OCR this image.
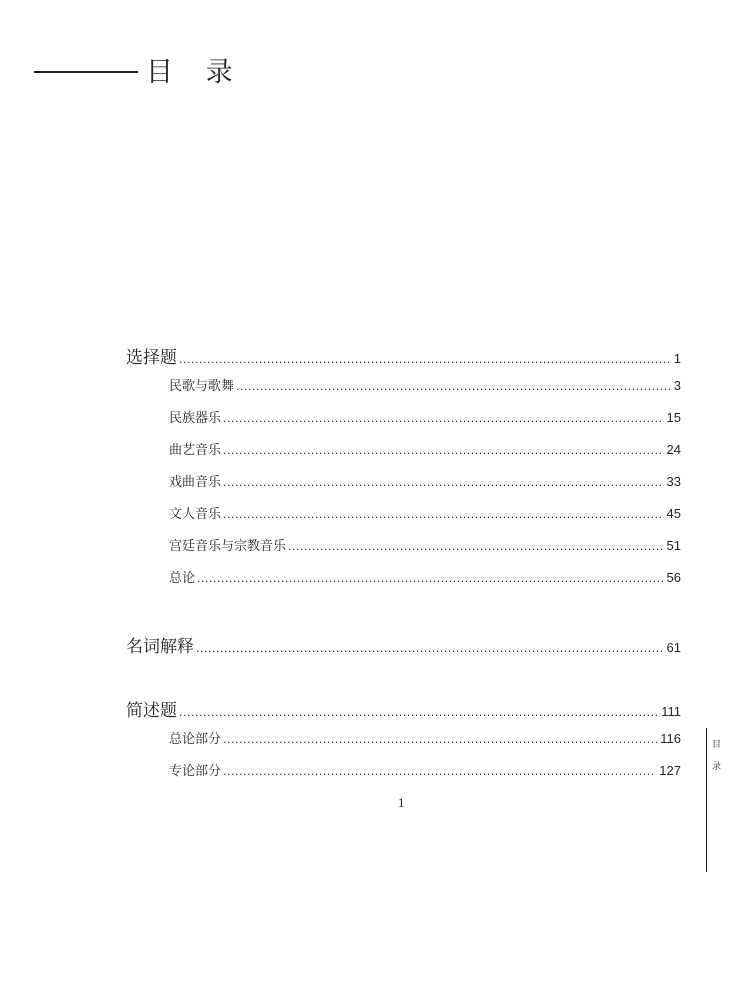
目 录
选择题 .....	1
民歌与歌舞 .....	3
民族器乐 .....	15
曲艺音乐 .....	24
戏曲音乐 .....	33
文人音乐 .....	45
宫廷音乐与宗教音乐 .....	51
总论 .....	56
名词解释 .....	61
简述题 .....	111
总论部分 .....	116
专论部分 .....	127
1
目
录
